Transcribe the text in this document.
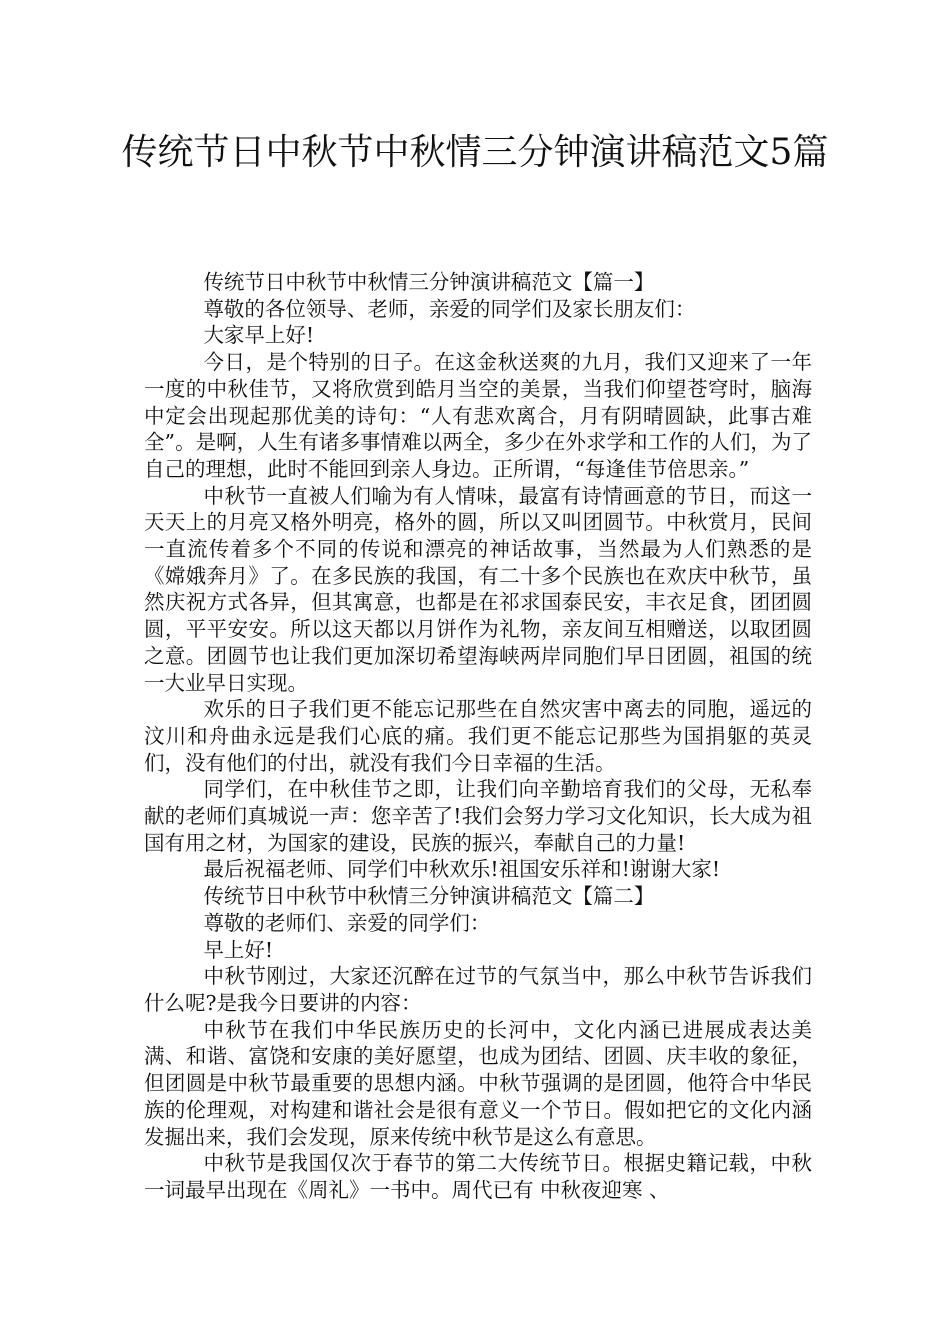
传统节日中秋节中秋情三分钟演讲稿范文5篇

传统节日中秋节中秋情三分钟演讲稿范文【篇一】

尊敬的各位领导、老师，亲爱的同学们及家长朋友们：

大家早上好!

今日，是个特别的日子。在这金秋送爽的九月，我们又迎来了一年一度的中秋佳节，又将欣赏到皓月当空的美景，当我们仰望苍穹时，脑海中定会出现起那优美的诗句：“人有悲欢离合，月有阴晴圆缺，此事古难全”。是啊，人生有诸多事情难以两全，多少在外求学和工作的人们，为了自己的理想，此时不能回到亲人身边。正所谓，“每逢佳节倍思亲。”

中秋节一直被人们喻为有人情味，最富有诗情画意的节日，而这一天天上的月亮又格外明亮，格外的圆，所以又叫团圆节。中秋赏月，民间一直流传着多个不同的传说和漂亮的神话故事，当然最为人们熟悉的是《嫦娥奔月》了。在多民族的我国，有二十多个民族也在欢庆中秋节，虽然庆祝方式各异，但其寓意，也都是在祁求国泰民安，丰衣足食，团团圆圆，平平安安。所以这天都以月饼作为礼物，亲友间互相赠送，以取团圆之意。团圆节也让我们更加深切希望海峡两岸同胞们早日团圆，祖国的统一大业早日实现。

欢乐的日子我们更不能忘记那些在自然灾害中离去的同胞，遥远的汶川和舟曲永远是我们心底的痛。我们更不能忘记那些为国捐躯的英灵们，没有他们的付出，就没有我们今日幸福的生活。

同学们，在中秋佳节之即，让我们向辛勤培育我们的父母，无私奉献的老师们真城说一声：您辛苦了!我们会努力学习文化知识，长大成为祖国有用之材，为国家的建设，民族的振兴，奉献自己的力量!

最后祝福老师、同学们中秋欢乐!祖国安乐祥和!谢谢大家!

传统节日中秋节中秋情三分钟演讲稿范文【篇二】

尊敬的老师们、亲爱的同学们：

早上好!

中秋节刚过，大家还沉醉在过节的气氛当中，那么中秋节告诉我们什么呢?是我今日要讲的内容：

中秋节在我们中华民族历史的长河中，文化内涵已进展成表达美满、和谐、富饶和安康的美好愿望，也成为团结、团圆、庆丰收的象征，但团圆是中秋节最重要的思想内涵。中秋节强调的是团圆，他符合中华民族的伦理观，对构建和谐社会是很有意义一个节日。假如把它的文化内涵发掘出来，我们会发现，原来传统中秋节是这么有意思。

中秋节是我国仅次于春节的第二大传统节日。根据史籍记载，中秋 一词最早出现在《周礼》一书中。周代已有 中秋夜迎寒 、
